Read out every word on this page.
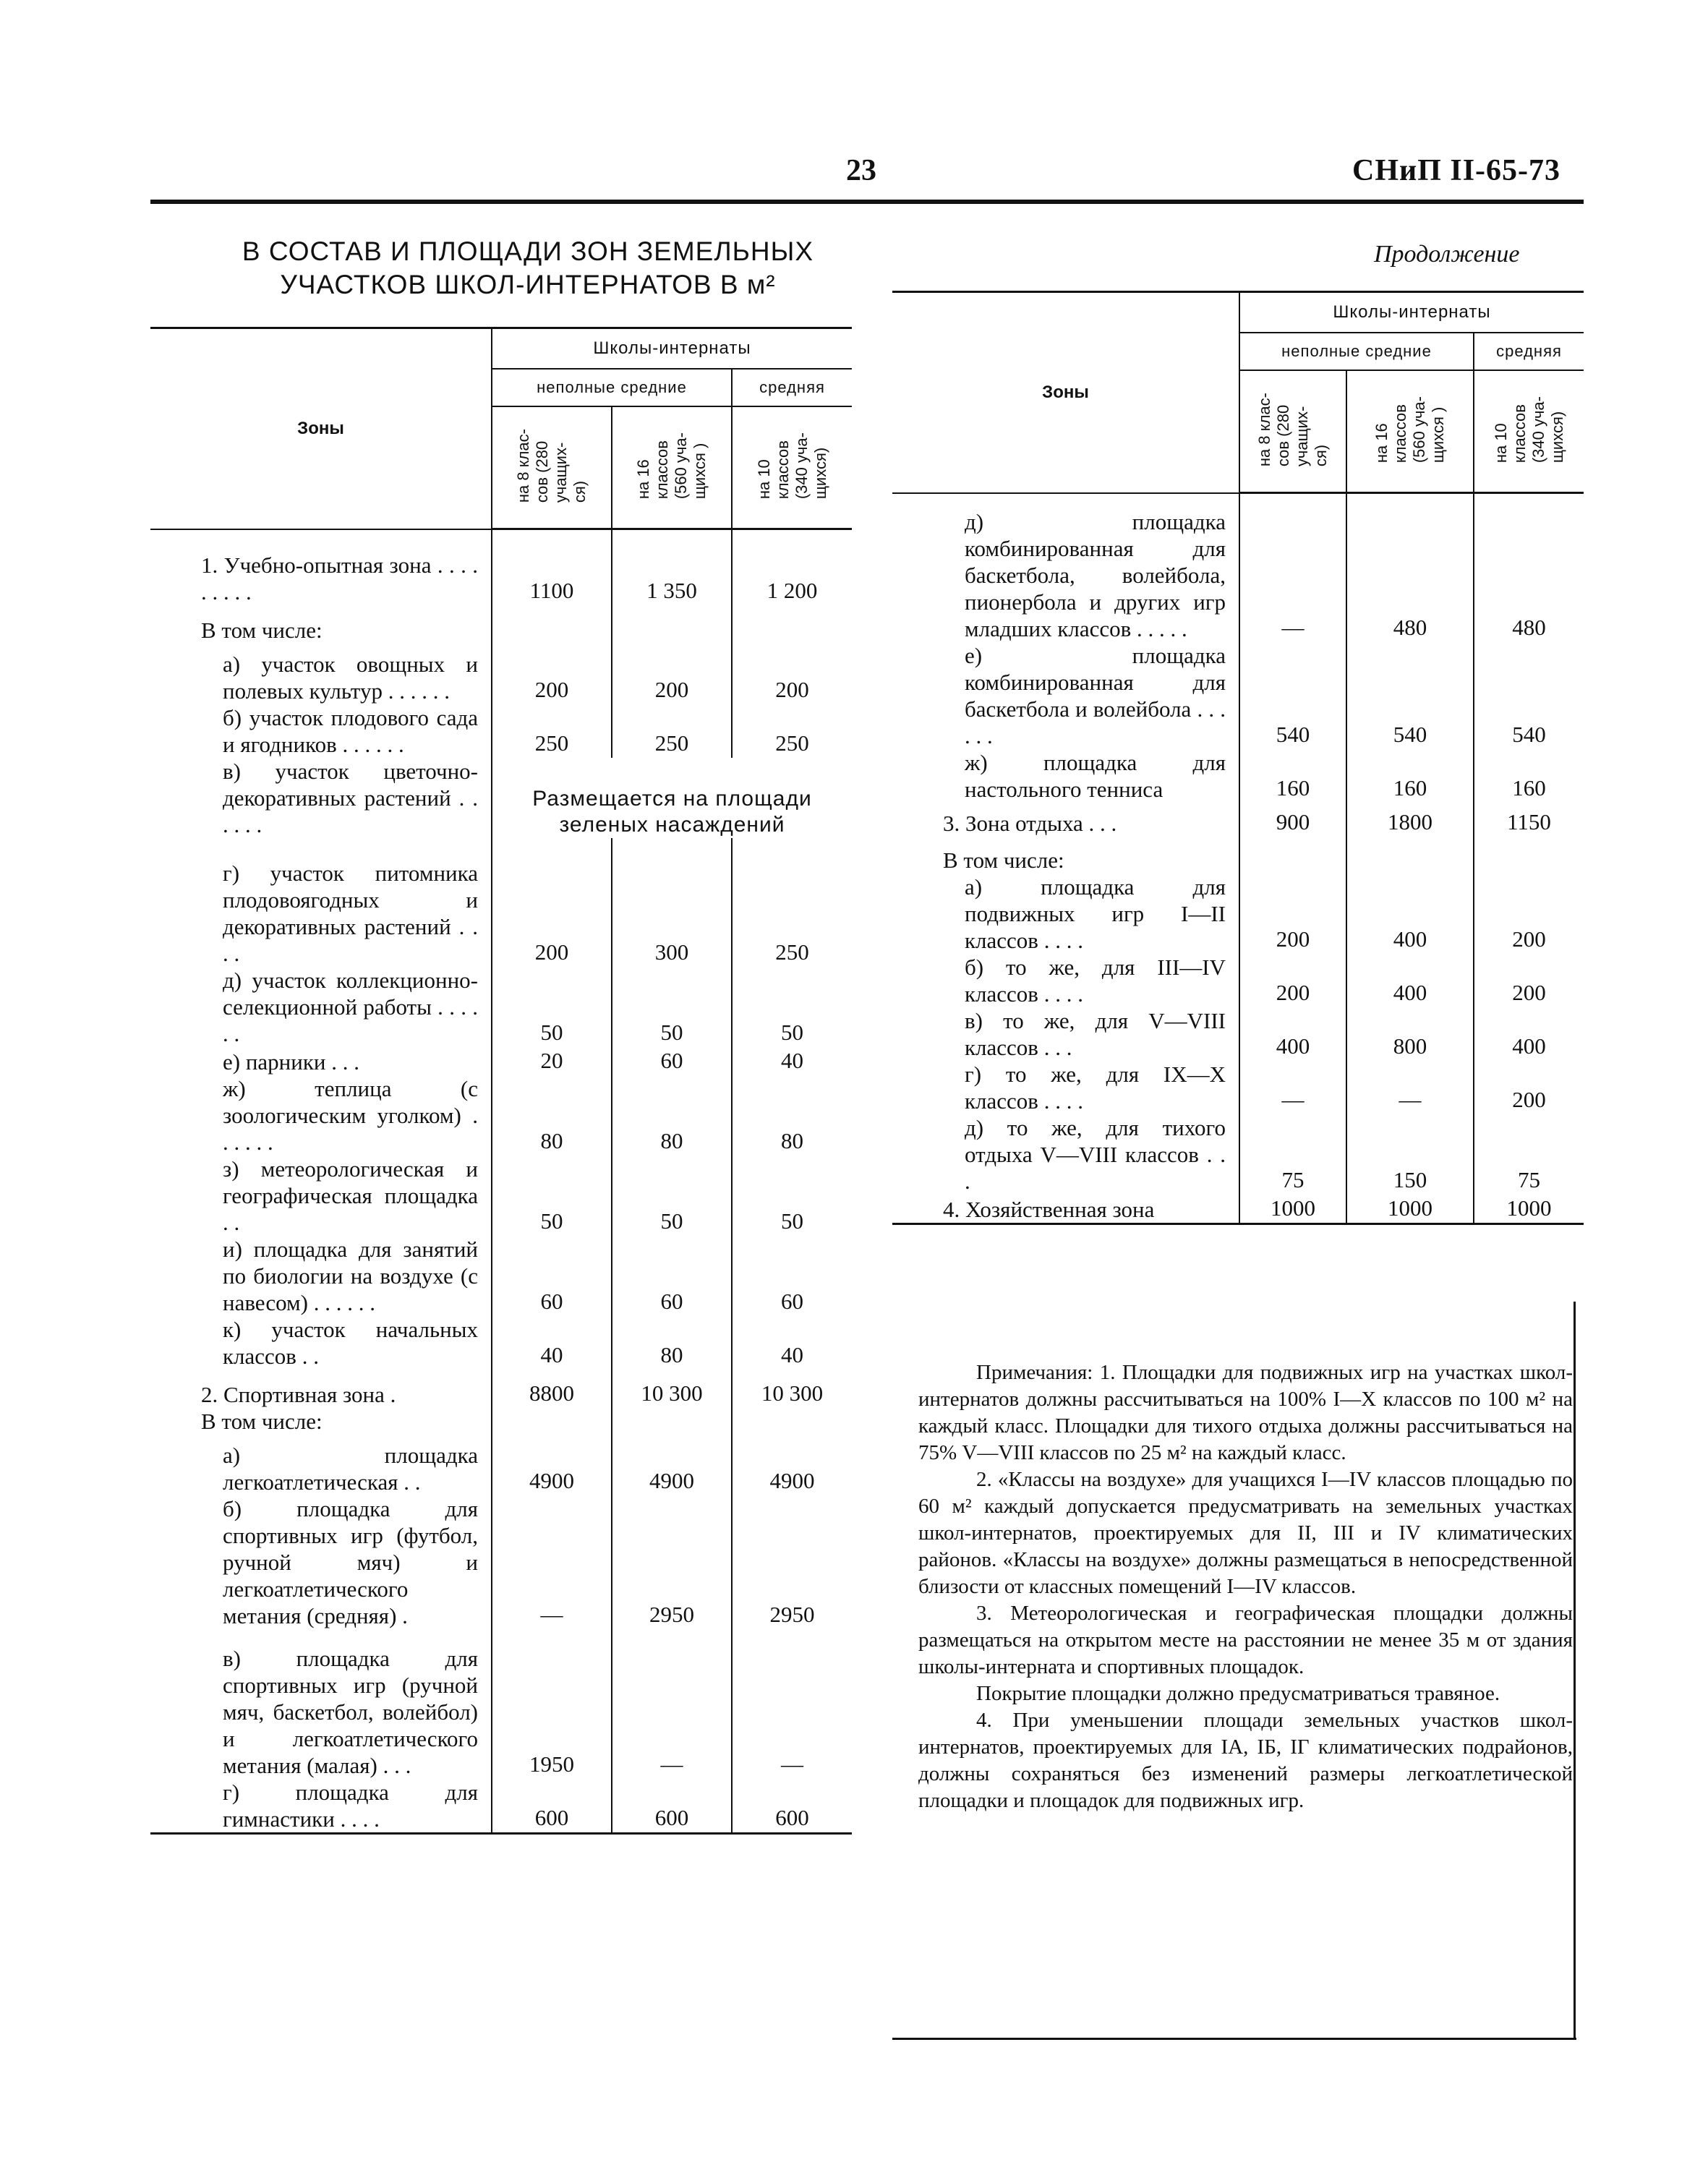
23	СНиП II-65-73
В СОСТАВ И ПЛОЩАДИ ЗОН ЗЕМЕЛЬНЫХ
УЧАСТКОВ ШКОЛ-ИНТЕРНАТОВ В м²
Продолжение
Зоны	Школы-интернаты		
	неполные средние		средняя
	на 8 клас-
сов (280
учащих-
ся)	на 16
классов
(560 уча-
щихся )	на 10
классов
(340 уча-
щихся)
1. Учебно-опытная зона . . . . . . . . .	1100	1 350	1 200
В том числе:			
а) участок овощных и полевых культур . . . . . .	200	200	200
б) участок плодового сада и ягодников . . . . . .	250	250	250
в) участок цветочно-декоративных растений . . . . . .	Размещается на площади зеленых насаждений		
г) участок питомника плодовоягодных и декоративных растений . . . .	200	300	250
д) участок коллекционно-селекционной работы . . . . . .	50	50	50
е) парники . . .	20	60	40
ж) теплица (с зоологическим уголком) . . . . . .	80	80	80
з) метеорологическая и географическая площадка . .	50	50	50
и) площадка для занятий по биологии на воздухе (с навесом) . . . . . .	60	60	60
к) участок начальных классов . .	40	80	40
2. Спортивная зона .	8800	10 300	10 300
В том числе:			
а) площадка легкоатлетическая . .	4900	4900	4900
б) площадка для спортивных игр (футбол, ручной мяч) и легкоатлетического метания (средняя) .	—	2950	2950
в) площадка для спортивных игр (ручной мяч, баскетбол, волейбол) и легкоатлетического метания (малая) . . .	1950	—	—
г) площадка для гимнастики . . . .	600	600	600
Зоны	Школы-интернаты		
	неполные средние		средняя
	на 8 клас-
сов (280
учащих-
ся)	на 16
классов
(560 уча-
щихся )	на 10
классов
(340 уча-
щихся)
д) площадка комбинированная для баскетбола, волейбола, пионербола и других игр младших классов . . . . .	—	480	480
е) площадка комбинированная для баскетбола и волейбола . . . . . .	540	540	540
ж) площадка для настольного тенниса	160	160	160
3. Зона отдыха . . .	900	1800	1150
В том числе:			
а) площадка для подвижных игр I—II классов . . . .	200	400	200
б) то же, для III—IV классов . . . .	200	400	200
в) то же, для V—VIII классов . . .	400	800	400
г) то же, для IX—X классов . . . .	—	—	200
д) то же, для тихого отдыха V—VIII классов . . .	75	150	75
4. Хозяйственная зона	1000	1000	1000

Примечания: 1. Площадки для подвижных игр на участках школ-интернатов должны рассчитываться на 100% I—X классов по 100 м² на каждый класс. Площадки для тихого отдыха должны рассчитываться на 75% V—VIII классов по 25 м² на каждый класс.

2. «Классы на воздухе» для учащихся I—IV классов площадью по 60 м² каждый допускается предусматривать на земельных участках школ-интернатов, проектируемых для II, III и IV климатических районов. «Классы на воздухе» должны размещаться в непосредственной близости от классных помещений I—IV классов.

3. Метеорологическая и географическая площадки должны размещаться на открытом месте на расстоянии не менее 35 м от здания школы-интерната и спортивных площадок.

Покрытие площадки должно предусматриваться травяное.

4. При уменьшении площади земельных участков школ-интернатов, проектируемых для IА, IБ, IГ климатических подрайонов, должны сохраняться без изменений размеры легкоатлетической площадки и площадок для подвижных игр.
